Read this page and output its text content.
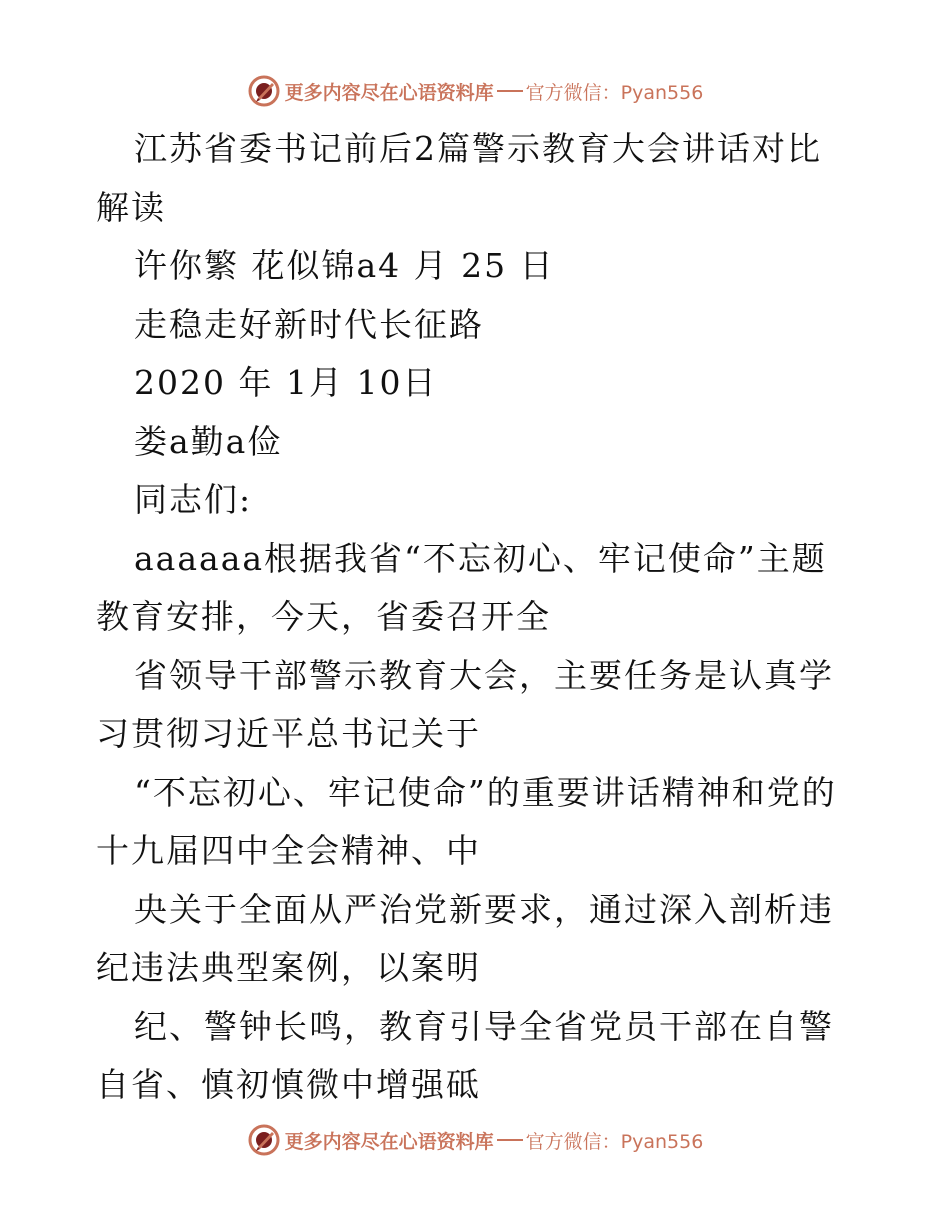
更多内容尽在心语资料库 官方微信：Pyan556

江苏省委书记前后2篇警示教育大会讲话对比解读

许你繁 花似锦a4 月 25 日

走稳走好新时代长征路

2020 年 1月 10日

娄a勤a俭

同志们:

aaaaaa根据我省“不忘初心、牢记使命”主题教育安排，今天，省委召开全

省领导干部警示教育大会，主要任务是认真学习贯彻习近平总书记关于

“不忘初心、牢记使命”的重要讲话精神和党的十九届四中全会精神、中

央关于全面从严治党新要求，通过深入剖析违纪违法典型案例，以案明

纪、警钟长鸣，教育引导全省党员干部在自警自省、慎初慎微中增强砥

更多内容尽在心语资料库 官方微信：Pyan556
